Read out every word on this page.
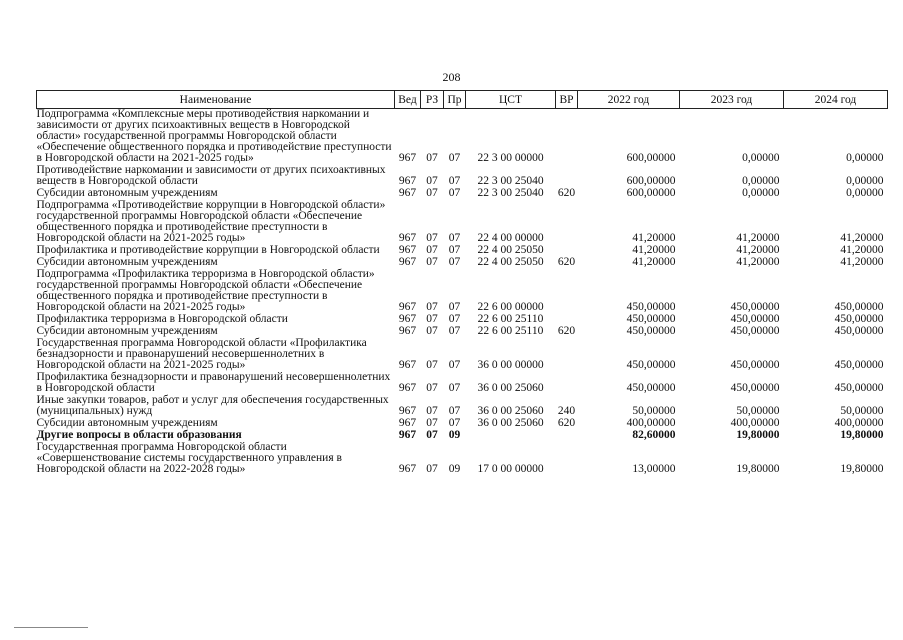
208
Наименование	Вед	РЗ	Пр	ЦСТ	ВР	2022 год	2023 год	2024 год
Подпрограмма «Комплексные меры противодействия наркомании и зависимости от других психоактивных веществ в Новгородской области» государственной программы Новгородской области «Обеспечение общественного порядка и противодействие преступности в Новгородской области на 2021-2025 годы»	967	07	07	22 3 00 00000		600,00000	0,00000	0,00000
Противодействие наркомании и зависимости от других психоактивных веществ в Новгородской области	967	07	07	22 3 00 25040		600,00000	0,00000	0,00000
Субсидии автономным учреждениям	967	07	07	22 3 00 25040	620	600,00000	0,00000	0,00000
Подпрограмма «Противодействие коррупции в Новгородской области» государственной программы Новгородской области «Обеспечение общественного порядка и противодействие преступности в Новгородской области на 2021-2025 годы»	967	07	07	22 4 00 00000		41,20000	41,20000	41,20000
Профилактика и противодействие коррупции в Новгородской области	967	07	07	22 4 00 25050		41,20000	41,20000	41,20000
Субсидии автономным учреждениям	967	07	07	22 4 00 25050	620	41,20000	41,20000	41,20000
Подпрограмма «Профилактика терроризма в Новгородской области» государственной программы Новгородской области «Обеспечение общественного порядка и противодействие преступности в Новгородской области на 2021-2025 годы»	967	07	07	22 6 00 00000		450,00000	450,00000	450,00000
Профилактика терроризма в Новгородской области	967	07	07	22 6 00 25110		450,00000	450,00000	450,00000
Субсидии автономным учреждениям	967	07	07	22 6 00 25110	620	450,00000	450,00000	450,00000
Государственная программа Новгородской области «Профилактика безнадзорности и правонарушений несовершеннолетних в Новгородской области на 2021-2025 годы»	967	07	07	36 0 00 00000		450,00000	450,00000	450,00000
Профилактика безнадзорности и правонарушений несовершеннолетних в Новгородской области	967	07	07	36 0 00 25060		450,00000	450,00000	450,00000
Иные закупки товаров, работ и услуг для обеспечения государственных (муниципальных) нужд	967	07	07	36 0 00 25060	240	50,00000	50,00000	50,00000
Субсидии автономным учреждениям	967	07	07	36 0 00 25060	620	400,00000	400,00000	400,00000
Другие вопросы в области образования	967	07	09			82,60000	19,80000	19,80000
Государственная программа Новгородской области «Совершенствование системы государственного управления в Новгородской области на 2022-2028 годы»	967	07	09	17 0 00 00000		13,00000	19,80000	19,80000
